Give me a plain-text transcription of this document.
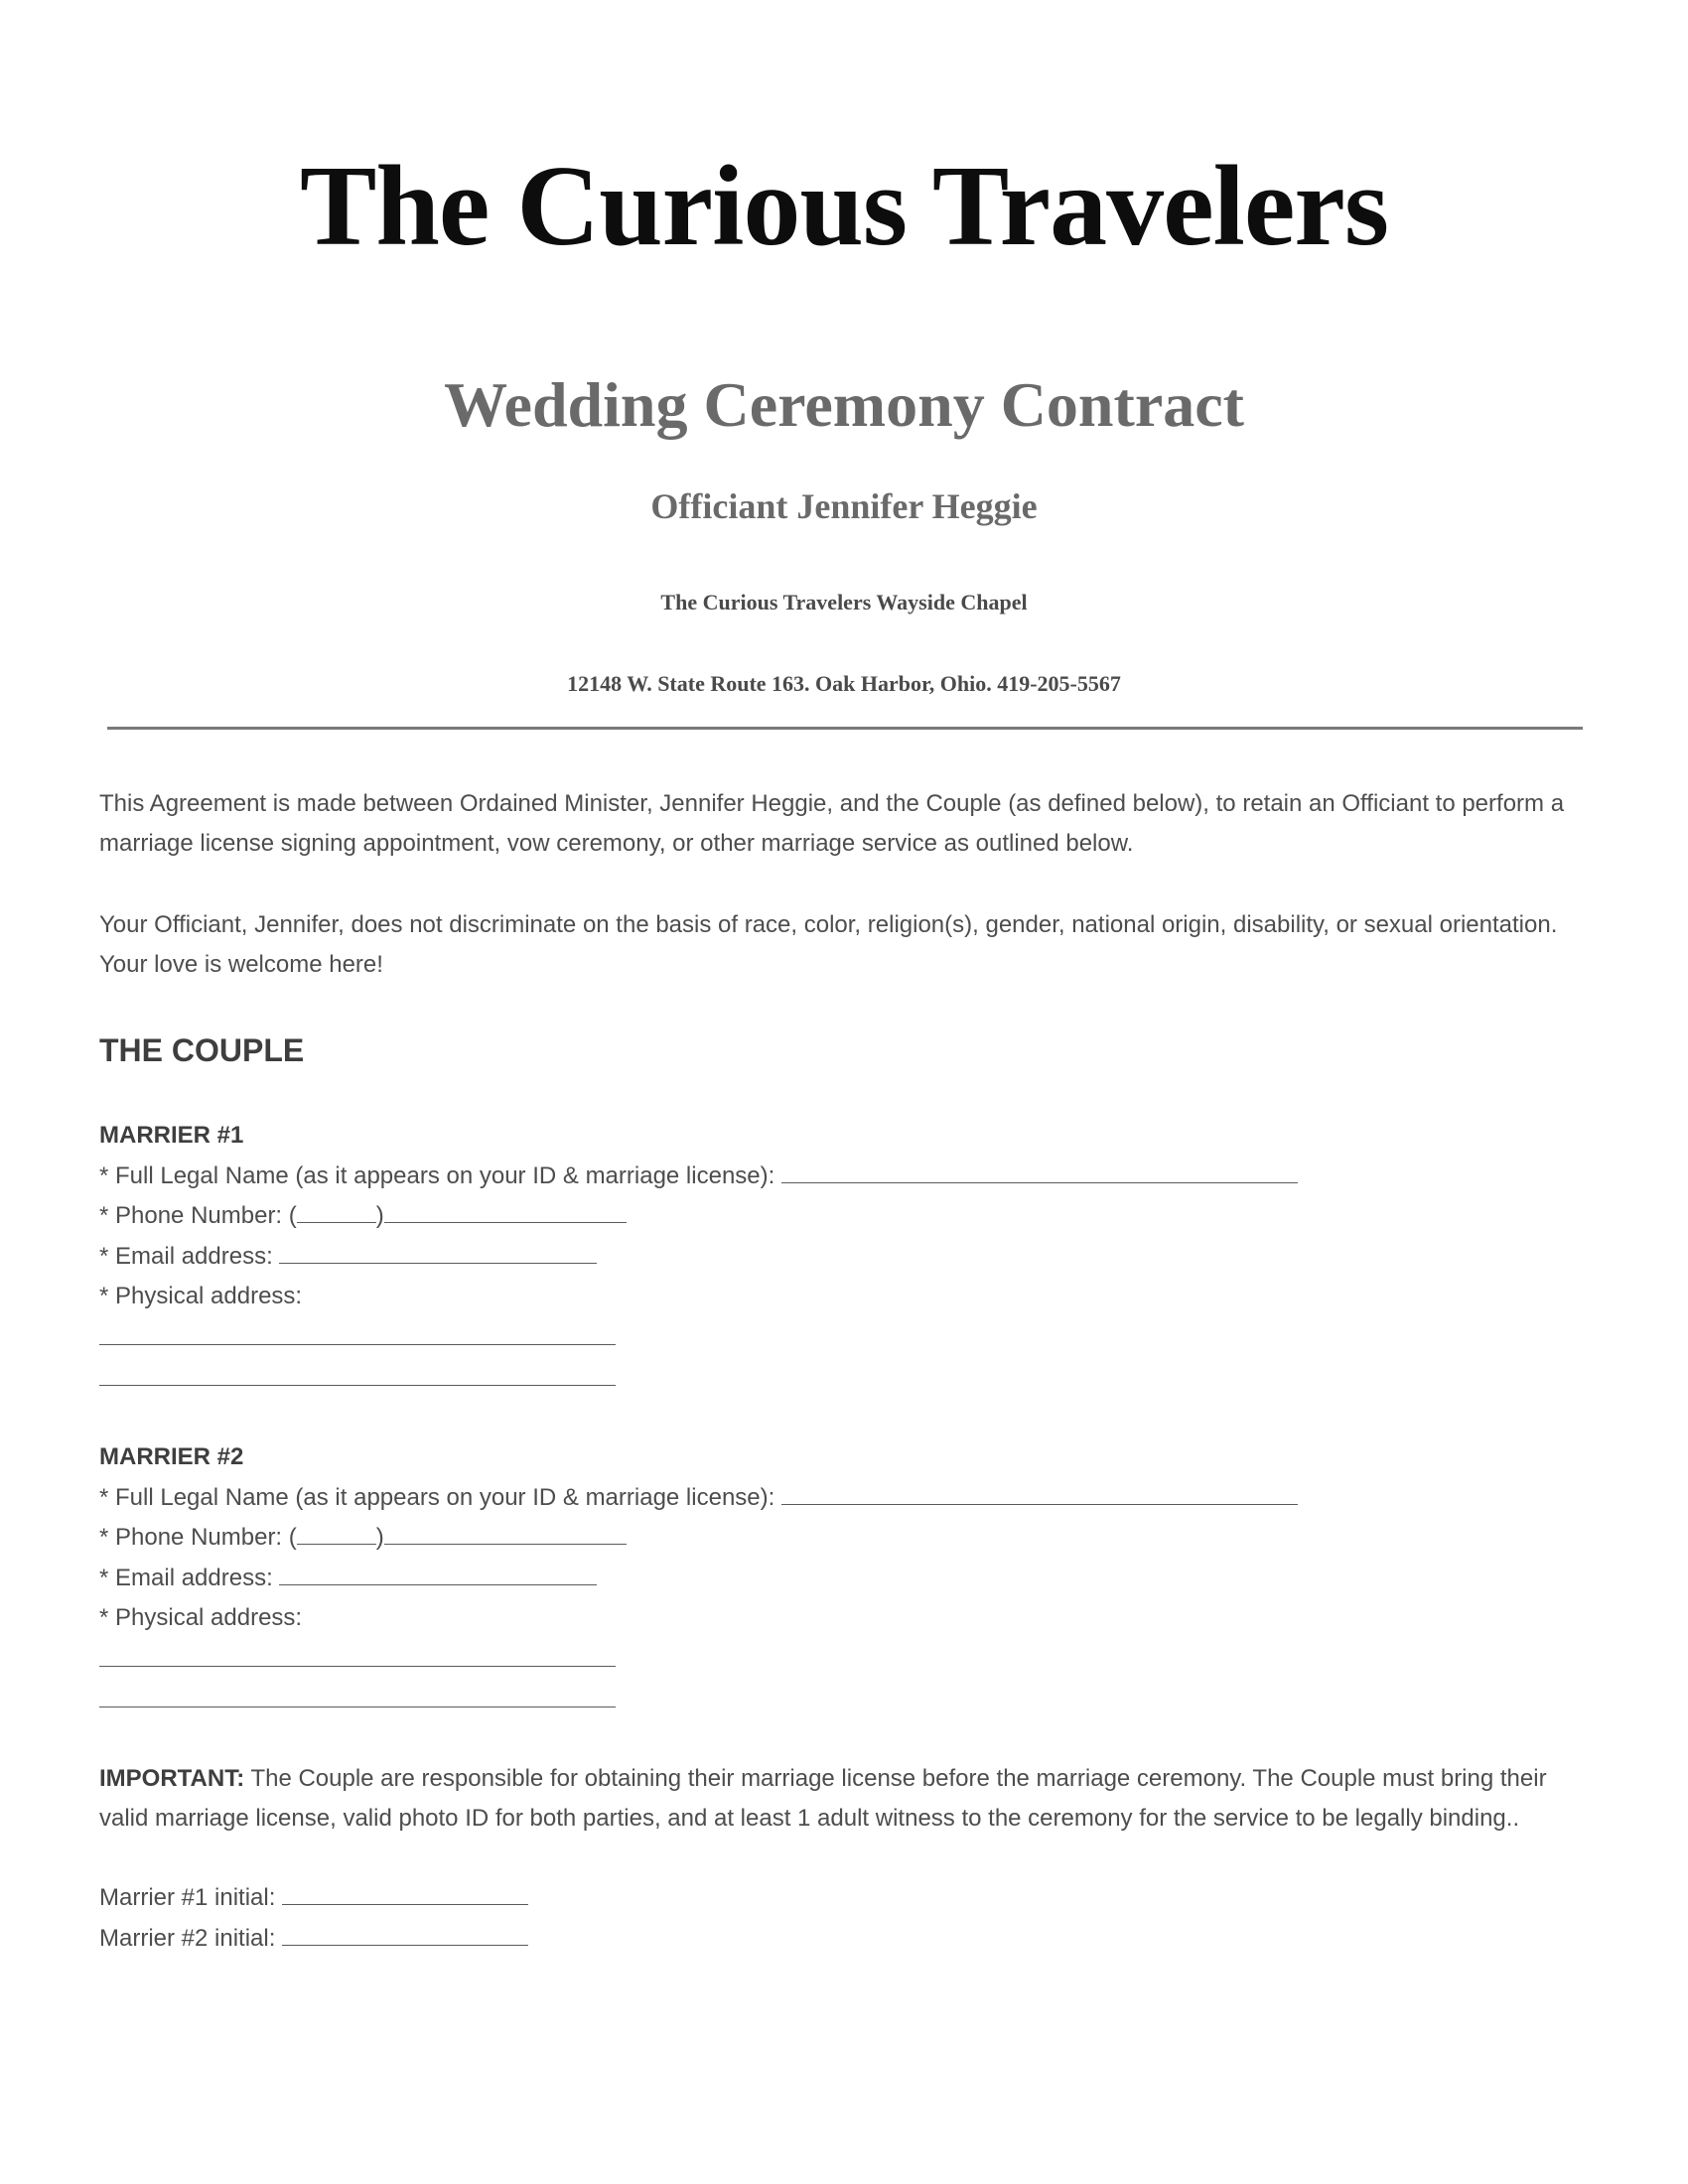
The Curious Travelers
Wedding Ceremony Contract
Officiant Jennifer Heggie
The Curious Travelers Wayside Chapel
12148 W. State Route 163. Oak Harbor, Ohio. 419-205-5567
This Agreement is made between Ordained Minister, Jennifer Heggie, and the Couple (as defined below), to retain an Officiant to perform a marriage license signing appointment, vow ceremony, or other marriage service as outlined below.
Your Officiant, Jennifer, does not discriminate on the basis of race, color, religion(s), gender, national origin, disability, or sexual orientation. Your love is welcome here!
THE COUPLE
MARRIER #1
* Full Legal Name (as it appears on your ID & marriage license):
* Phone Number: (	)
* Email address:
* Physical address:
MARRIER #2
* Full Legal Name (as it appears on your ID & marriage license):
* Phone Number: (	)
* Email address:
* Physical address:
IMPORTANT: The Couple are responsible for obtaining their marriage license before the marriage ceremony. The Couple must bring their valid marriage license, valid photo ID for both parties, and at least 1 adult witness to the ceremony for the service to be legally binding..
Marrier #1 initial:
Marrier #2 initial:
